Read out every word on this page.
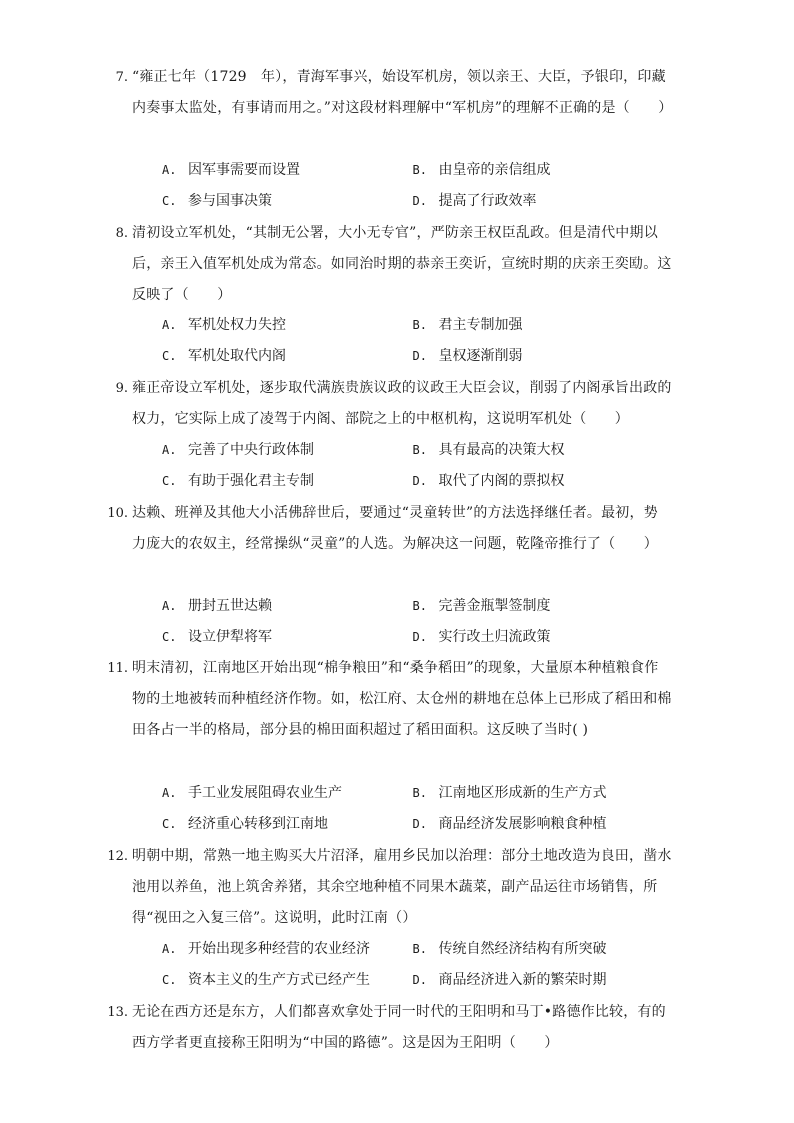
7. “雍正七年（1729　年），青海军事兴，始设军机房，领以亲王、大臣，予银印，印藏内奏事太监处，有事请而用之。”对这段材料理解中“军机房”的理解不正确的是（　　）
A. 因军事需要而设置	B. 由皇帝的亲信组成
C. 参与国事决策	D. 提高了行政效率
8. 清初设立军机处，“其制无公署，大小无专官”，严防亲王权臣乱政。但是清代中期以后，亲王入值军机处成为常态。如同治时期的恭亲王奕䜣，宣统时期的庆亲王奕劻。这反映了（　　）
A. 军机处权力失控	B. 君主专制加强
C. 军机处取代内阁	D. 皇权逐渐削弱
9. 雍正帝设立军机处，逐步取代满族贵族议政的议政王大臣会议，削弱了内阁承旨出政的权力，它实际上成了凌驾于内阁、部院之上的中枢机构，这说明军机处（　　）
A. 完善了中央行政体制	B. 具有最高的决策大权
C. 有助于强化君主专制	D. 取代了内阁的票拟权
10. 达赖、班禅及其他大小活佛辞世后，要通过“灵童转世”的方法选择继任者。最初，势力庞大的农奴主，经常操纵“灵童”的人选。为解决这一问题，乾隆帝推行了（　　）
A. 册封五世达赖	B. 完善金瓶掣签制度
C. 设立伊犁将军	D. 实行改土归流政策
11. 明末清初，江南地区开始出现“棉争粮田”和“桑争稻田”的现象，大量原本种植粮食作物的土地被转而种植经济作物。如，松江府、太仓州的耕地在总体上已形成了稻田和棉田各占一半的格局，部分县的棉田面积超过了稻田面积。这反映了当时( )
A. 手工业发展阻碍农业生产	B. 江南地区形成新的生产方式
C. 经济重心转移到江南地	D. 商品经济发展影响粮食种植
12. 明朝中期，常熟一地主购买大片沼泽，雇用乡民加以治理：部分土地改造为良田，凿水池用以养鱼，池上筑舍养猪，其余空地种植不同果木蔬菜，副产品运往市场销售，所得“视田之入复三倍”。这说明，此时江南（）
A. 开始出现多种经营的农业经济	B. 传统自然经济结构有所突破
C. 资本主义的生产方式已经产生	D. 商品经济进入新的繁荣时期
13. 无论在西方还是东方，人们都喜欢拿处于同一时代的王阳明和马丁•路德作比较，有的西方学者更直接称王阳明为“中国的路德”。这是因为王阳明（　　）
